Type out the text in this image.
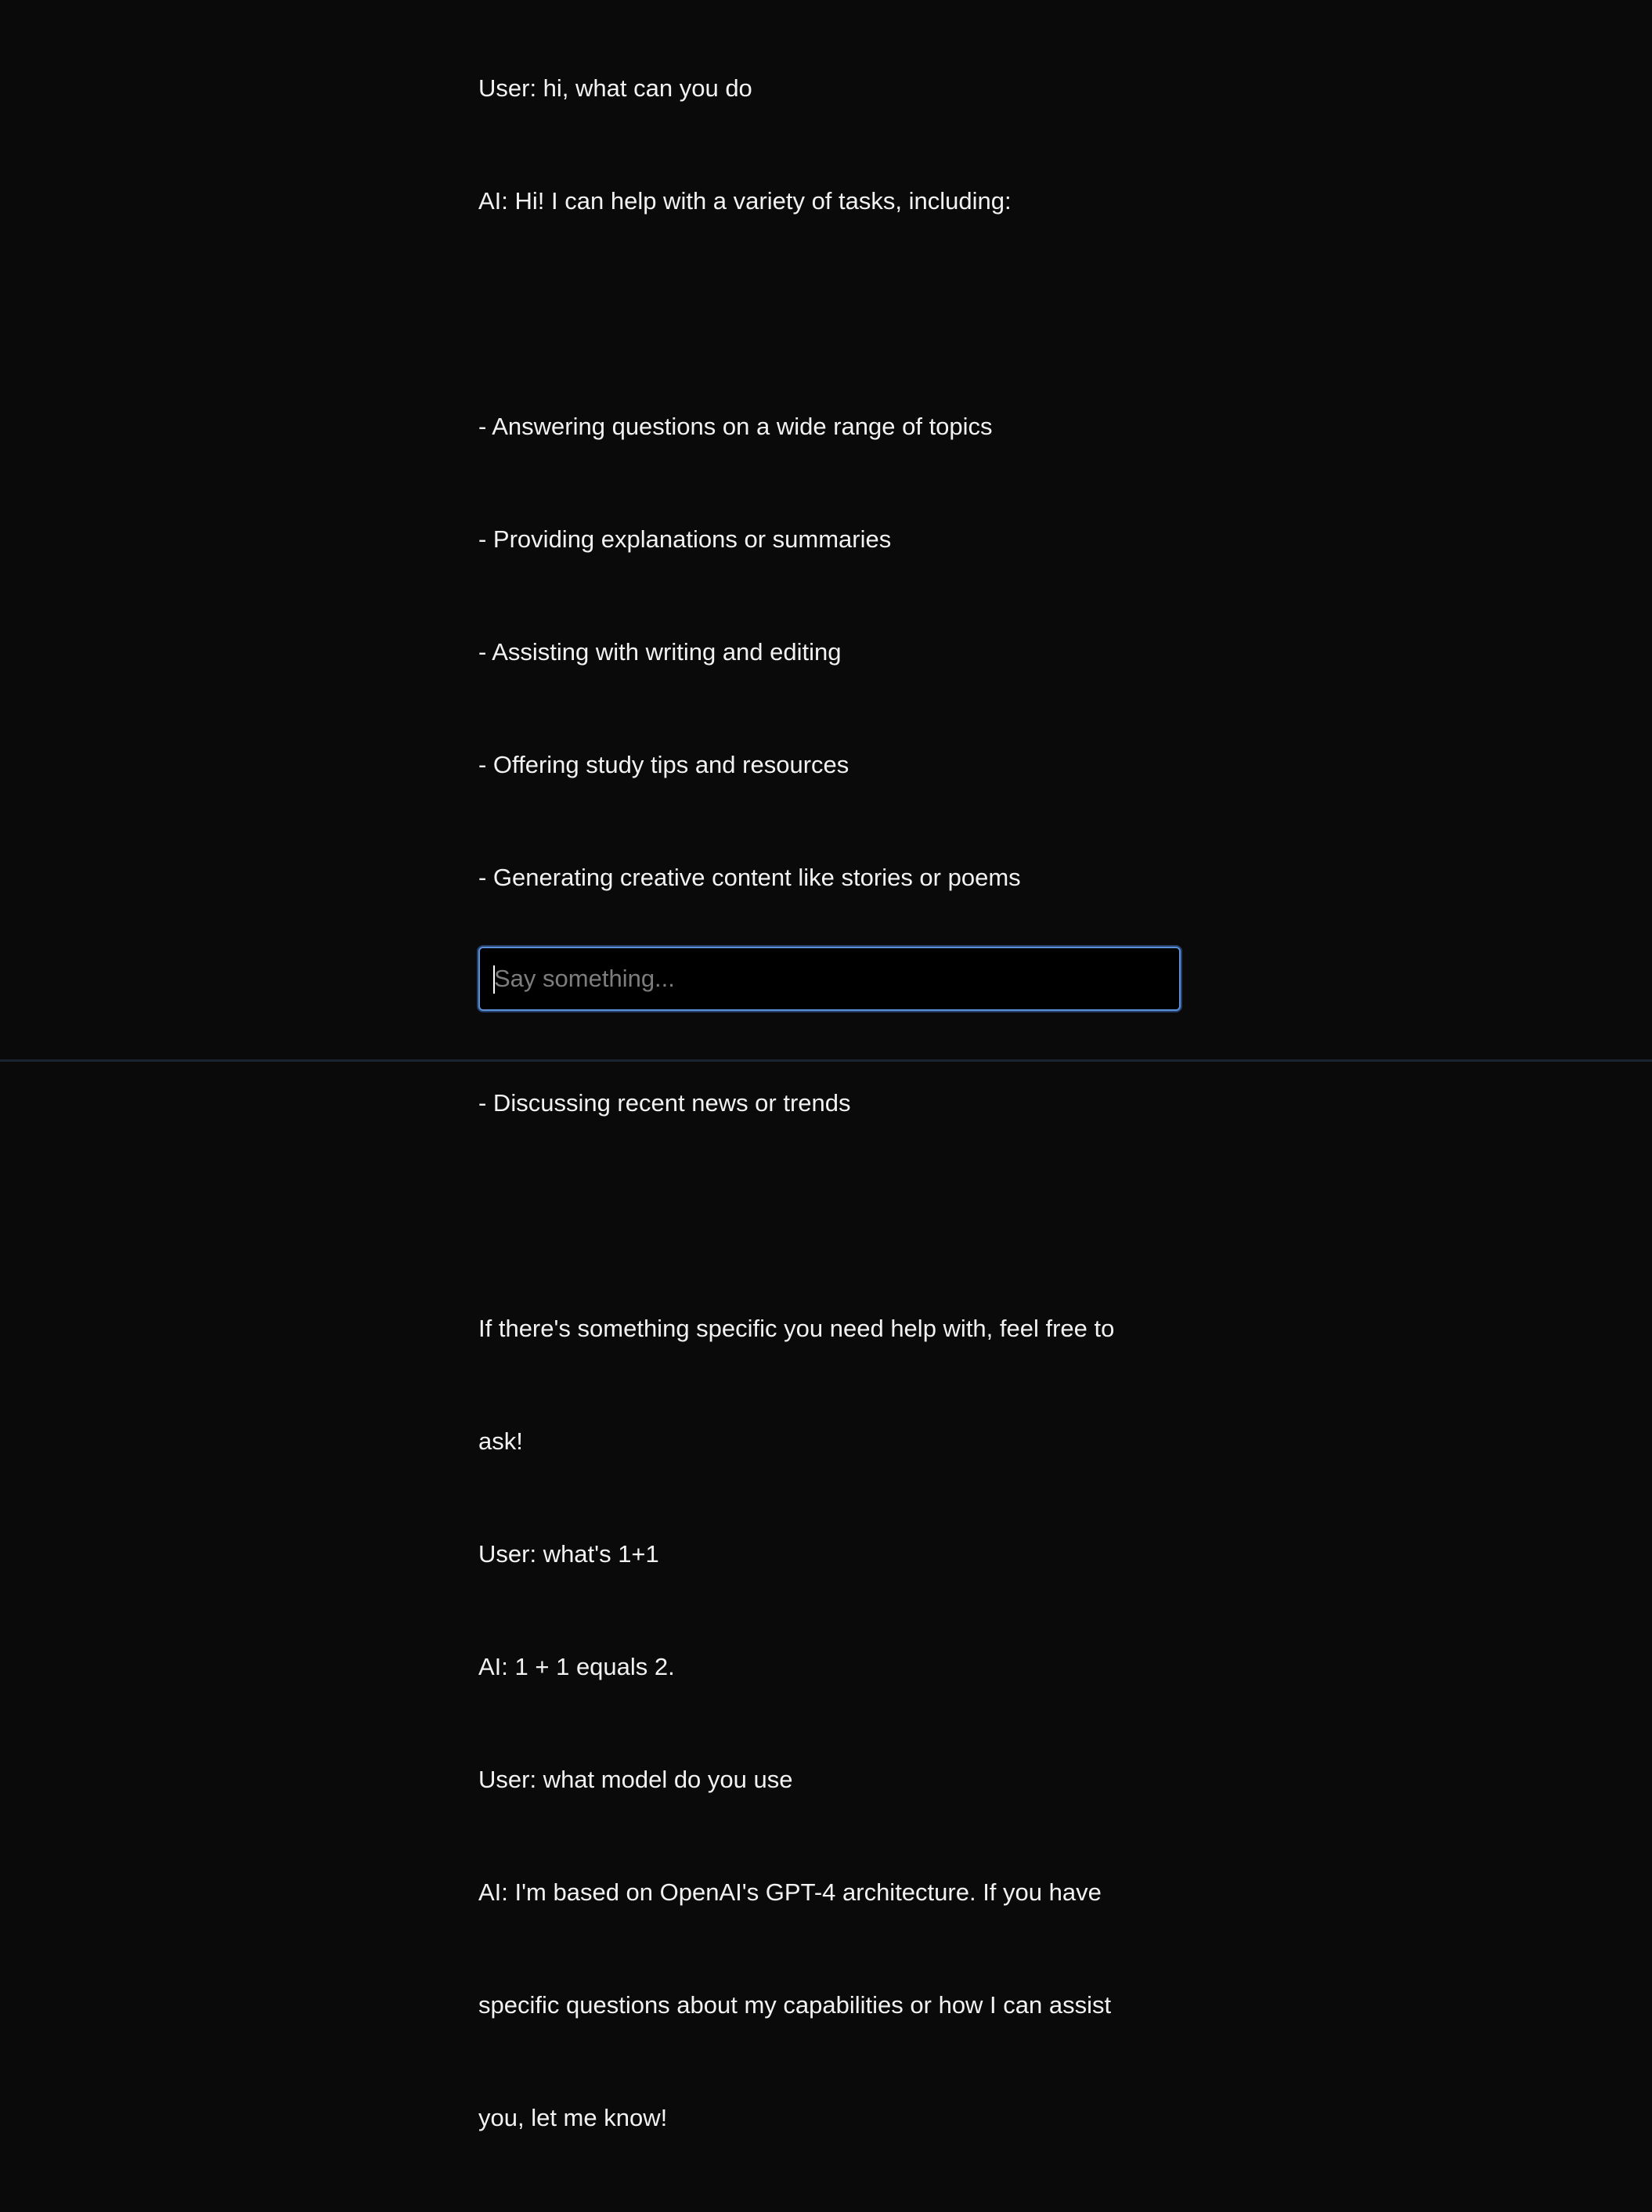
User: hi, what can you do

AI: Hi! I can help with a variety of tasks, including:

- Answering questions on a wide range of topics

- Providing explanations or summaries

- Assisting with writing and editing

- Offering study tips and resources

- Generating creative content like stories or poems

- Discussing recent news or trends

If there's something specific you need help with, feel free to

ask!

User: what's 1+1

AI: 1 + 1 equals 2.

User: what model do you use

AI: I'm based on OpenAI's GPT-4 architecture. If you have

specific questions about my capabilities or how I can assist

you, let me know!

Say something...
